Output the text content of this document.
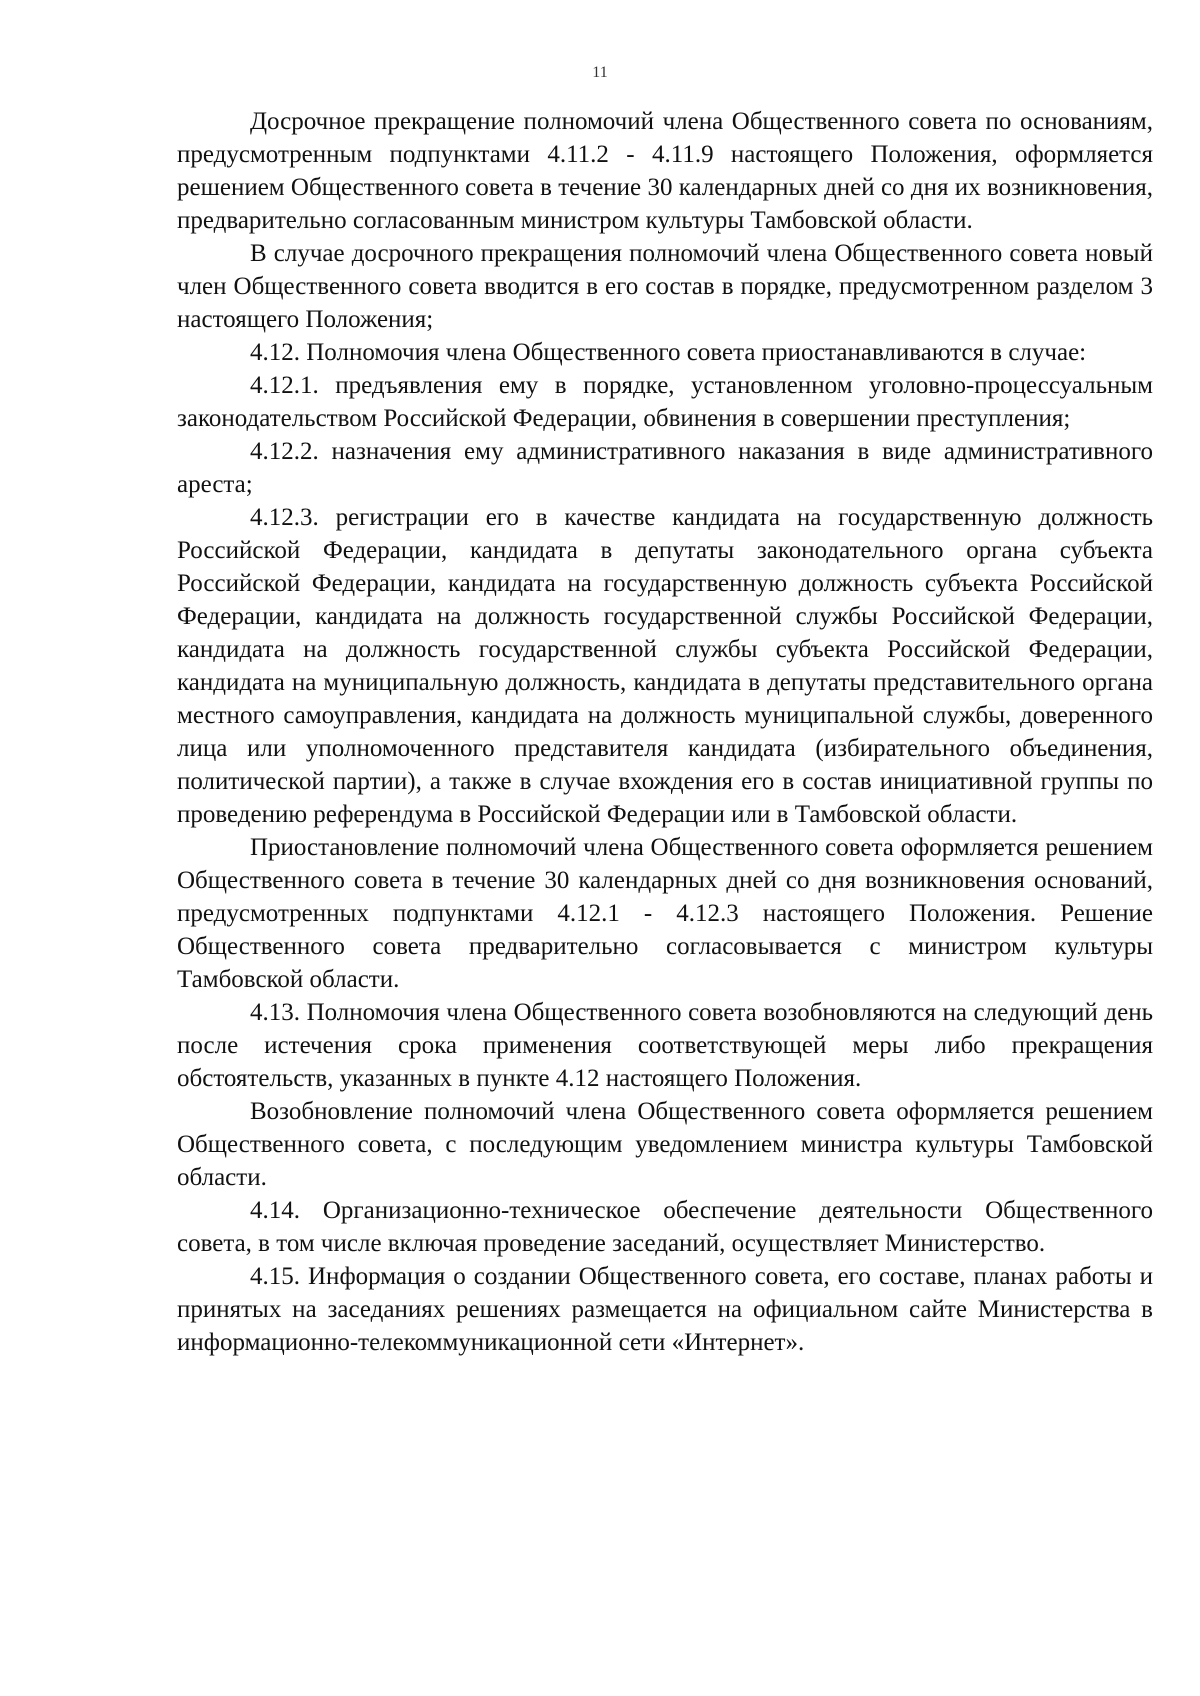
11

Досрочное прекращение полномочий члена Общественного совета по основаниям, предусмотренным подпунктами 4.11.2 - 4.11.9 настоящего Положения, оформляется решением Общественного совета в течение 30 календарных дней со дня их возникновения, предварительно согласованным министром культуры Тамбовской области.

В случае досрочного прекращения полномочий члена Общественного совета новый член Общественного совета вводится в его состав в порядке, предусмотренном разделом 3 настоящего Положения;

4.12. Полномочия члена Общественного совета приостанавливаются в случае:

4.12.1. предъявления ему в порядке, установленном уголовно-процессуальным законодательством Российской Федерации, обвинения в совершении преступления;

4.12.2. назначения ему административного наказания в виде административного ареста;

4.12.3. регистрации его в качестве кандидата на государственную должность Российской Федерации, кандидата в депутаты законодательного органа субъекта Российской Федерации, кандидата на государственную должность субъекта Российской Федерации, кандидата на должность государственной службы Российской Федерации, кандидата на должность государственной службы субъекта Российской Федерации, кандидата на муниципальную должность, кандидата в депутаты представительного органа местного самоуправления, кандидата на должность муниципальной службы, доверенного лица или уполномоченного представителя кандидата (избирательного объединения, политической партии), а также в случае вхождения его в состав инициативной группы по проведению референдума в Российской Федерации или в Тамбовской области.

Приостановление полномочий члена Общественного совета оформляется решением Общественного совета в течение 30 календарных дней со дня возникновения оснований, предусмотренных подпунктами 4.12.1 - 4.12.3 настоящего Положения. Решение Общественного совета предварительно согласовывается с министром культуры Тамбовской области.

4.13. Полномочия члена Общественного совета возобновляются на следующий день после истечения срока применения соответствующей меры либо прекращения обстоятельств, указанных в пункте 4.12 настоящего Положения.

Возобновление полномочий члена Общественного совета оформляется решением Общественного совета, с последующим уведомлением министра культуры Тамбовской области.

4.14. Организационно-техническое обеспечение деятельности Общественного совета, в том числе включая проведение заседаний, осуществляет Министерство.

4.15. Информация о создании Общественного совета, его составе, планах работы и принятых на заседаниях решениях размещается на официальном сайте Министерства в информационно-телекоммуникационной сети «Интернет».
